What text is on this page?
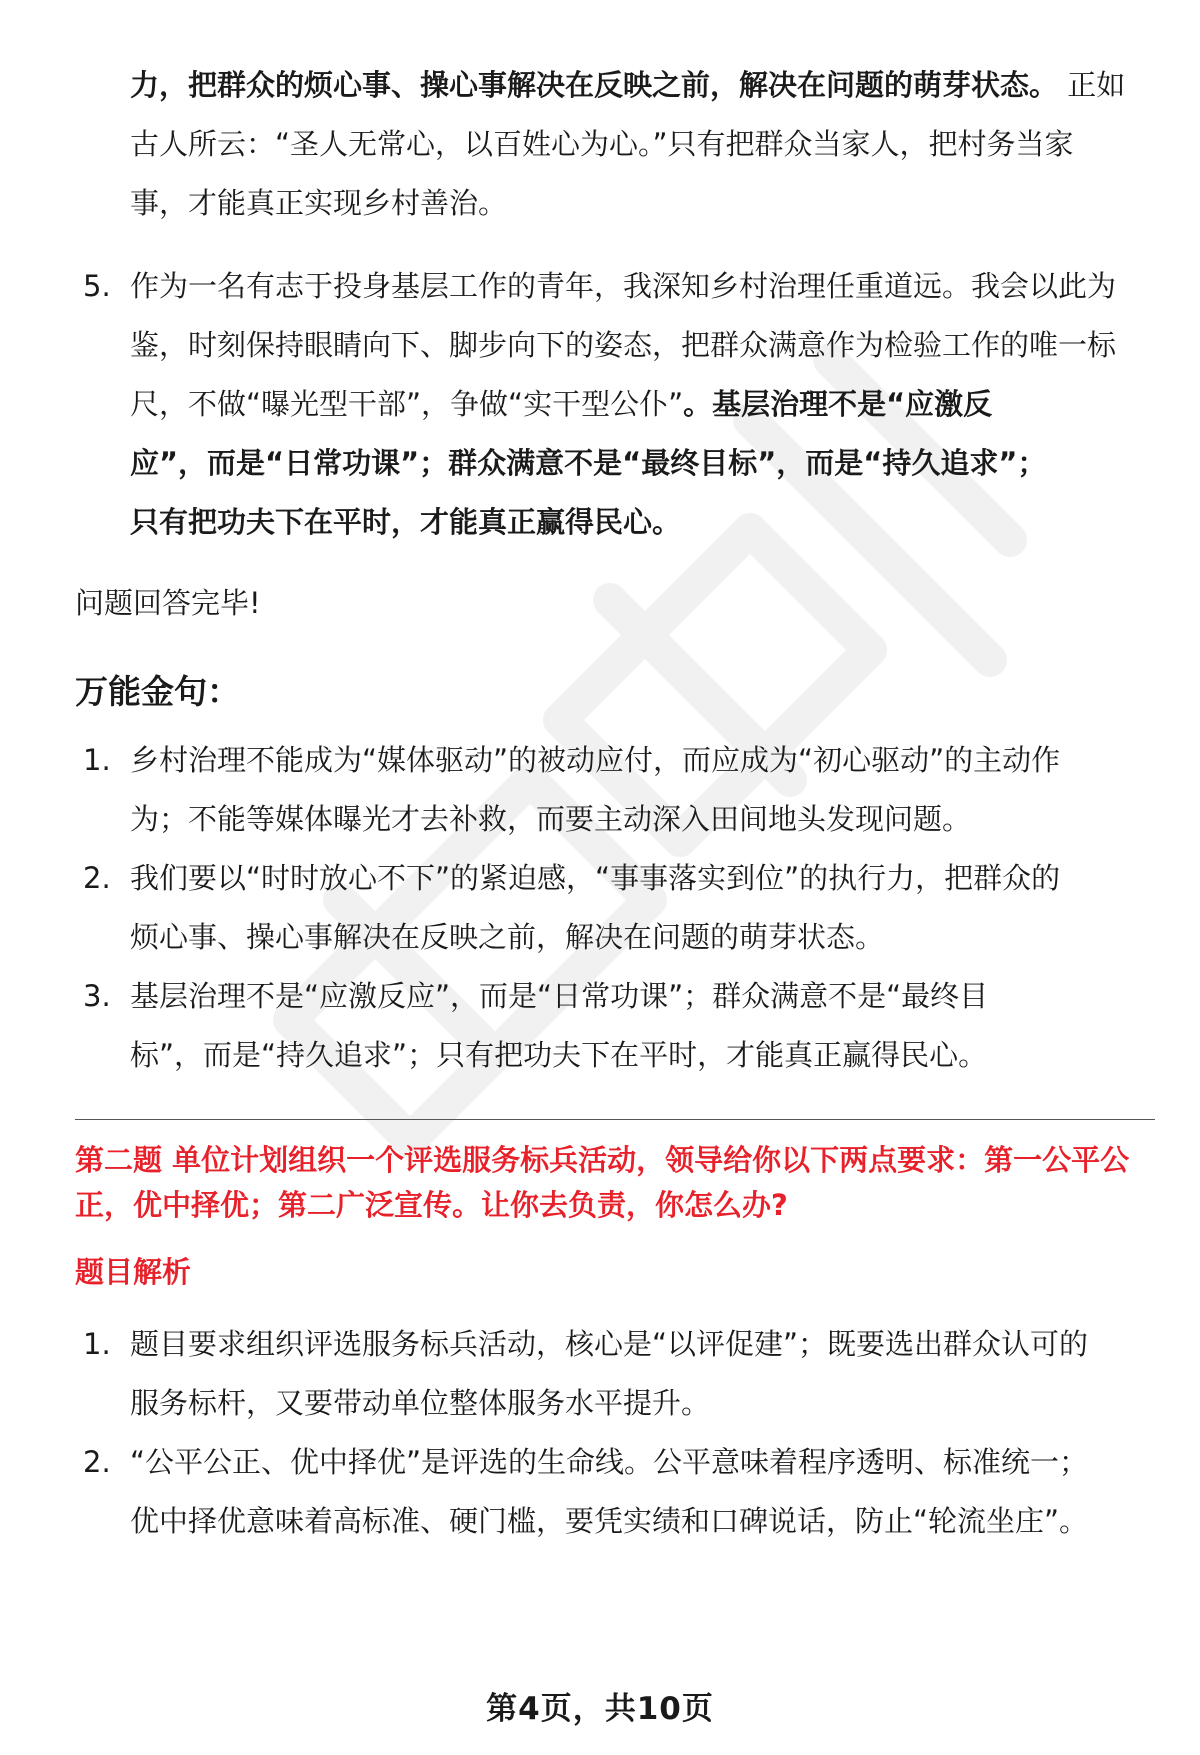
力，把群众的烦心事、操心事解决在反映之前，解决在问题的萌芽状态。 正如
古人所云：“圣人无常心，以百姓心为心。”只有把群众当家人，把村务当家
事，才能真正实现乡村善治。
5. 作为一名有志于投身基层工作的青年，我深知乡村治理任重道远。我会以此为
鉴，时刻保持眼睛向下、脚步向下的姿态，把群众满意作为检验工作的唯一标
尺，不做“曝光型干部”，争做“实干型公仆”。基层治理不是“应激反
应”，而是“日常功课”；群众满意不是“最终目标”，而是“持久追求”；
只有把功夫下在平时，才能真正赢得民心。
问题回答完毕!
万能金句：
1. 乡村治理不能成为“媒体驱动”的被动应付，而应成为“初心驱动”的主动作
为；不能等媒体曝光才去补救，而要主动深入田间地头发现问题。
2. 我们要以“时时放心不下”的紧迫感，“事事落实到位”的执行力，把群众的
烦心事、操心事解决在反映之前，解决在问题的萌芽状态。
3. 基层治理不是“应激反应”，而是“日常功课”；群众满意不是“最终目
标”，而是“持久追求”；只有把功夫下在平时，才能真正赢得民心。
第二题 单位计划组织一个评选服务标兵活动，领导给你以下两点要求：第一公平公
正，优中择优；第二广泛宣传。让你去负责，你怎么办?
题目解析
1. 题目要求组织评选服务标兵活动，核心是“以评促建”；既要选出群众认可的
服务标杆，又要带动单位整体服务水平提升。
2. “公平公正、优中择优”是评选的生命线。公平意味着程序透明、标准统一；
优中择优意味着高标准、硬门槛，要凭实绩和口碑说话，防止“轮流坐庄”。
第4页，共10页
